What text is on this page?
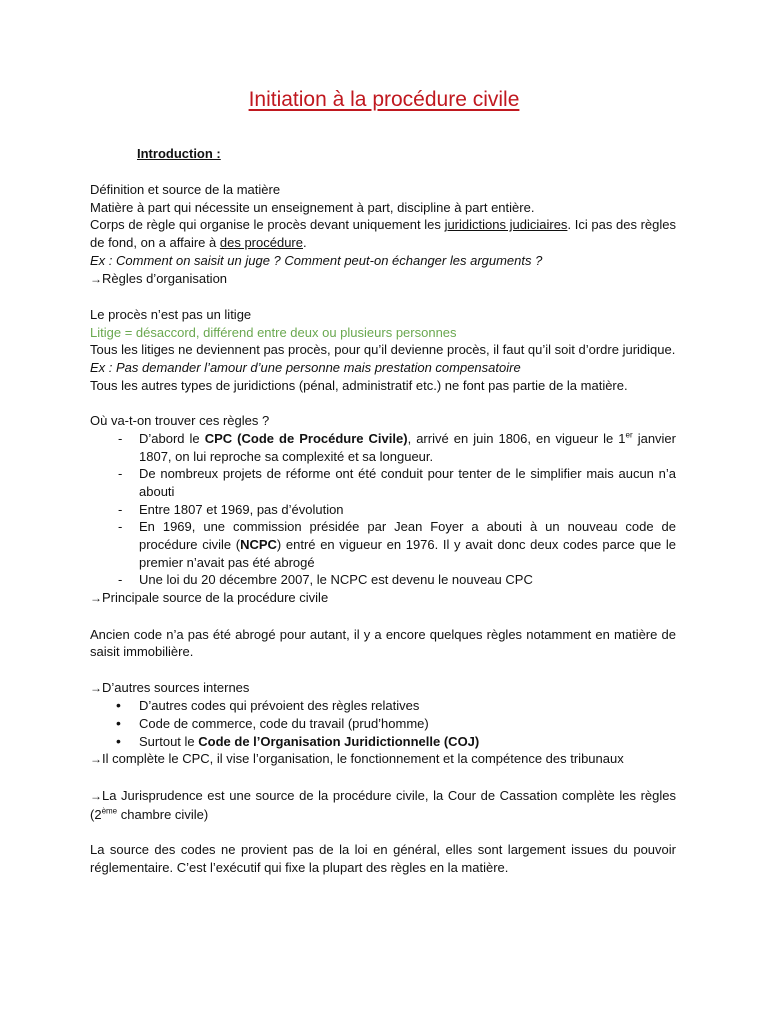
Initiation à la procédure civile

Introduction :

Définition et source de la matière

Matière à part qui nécessite un enseignement à part, discipline à part entière.

Corps de règle qui organise le procès devant uniquement les juridictions judiciaires. Ici pas des règles de fond, on a affaire à des procédure.

Ex : Comment on saisit un juge ? Comment peut-on échanger les arguments ?

→Règles d’organisation

Le procès n’est pas un litige

Litige = désaccord, différend entre deux ou plusieurs personnes

Tous les litiges ne deviennent pas procès, pour qu’il devienne procès, il faut qu’il soit d’ordre juridique.

Ex : Pas demander l’amour d’une personne mais prestation compensatoire

Tous les autres types de juridictions (pénal, administratif etc.) ne font pas partie de la matière.

Où va-t-on trouver ces règles ?

- D’abord le CPC (Code de Procédure Civile), arrivé en juin 1806, en vigueur le 1er janvier 1807, on lui reproche sa complexité et sa longueur.
- De nombreux projets de réforme ont été conduit pour tenter de le simplifier mais aucun n’a abouti
- Entre 1807 et 1969, pas d’évolution
- En 1969, une commission présidée par Jean Foyer a abouti à un nouveau code de procédure civile (NCPC) entré en vigueur en 1976. Il y avait donc deux codes parce que le premier n’avait pas été abrogé
- Une loi du 20 décembre 2007, le NCPC est devenu le nouveau CPC

→Principale source de la procédure civile

Ancien code n’a pas été abrogé pour autant, il y a encore quelques règles notamment en matière de saisit immobilière.

→D’autres sources internes

• D’autres codes qui prévoient des règles relatives
• Code de commerce, code du travail (prud’homme)
• Surtout le Code de l’Organisation Juridictionnelle (COJ)

→Il complète le CPC, il vise l’organisation, le fonctionnement et la compétence des tribunaux

→La Jurisprudence est une source de la procédure civile, la Cour de Cassation complète les règles (2ème chambre civile)

La source des codes ne provient pas de la loi en général, elles sont largement issues du pouvoir réglementaire. C’est l’exécutif qui fixe la plupart des règles en la matière.
